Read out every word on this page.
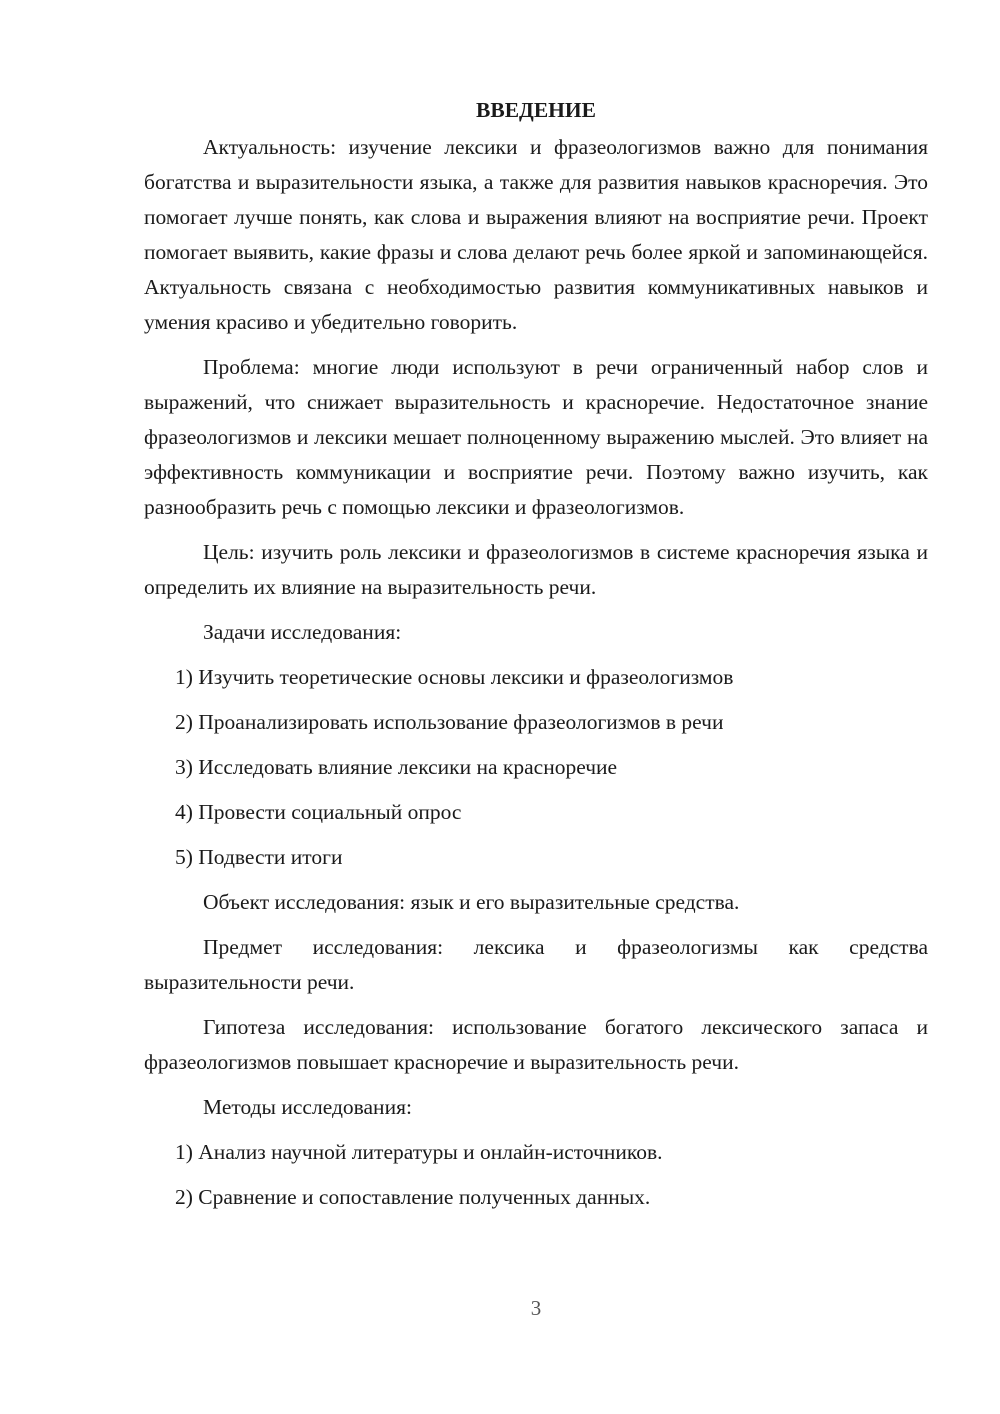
ВВЕДЕНИЕ

Актуальность: изучение лексики и фразеологизмов важно для понимания богатства и выразительности языка, а также для развития навыков красноречия. Это помогает лучше понять, как слова и выражения влияют на восприятие речи. Проект помогает выявить, какие фразы и слова делают речь более яркой и запоминающейся. Актуальность связана с необходимостью развития коммуникативных навыков и умения красиво и убедительно говорить.

Проблема: многие люди используют в речи ограниченный набор слов и выражений, что снижает выразительность и красноречие. Недостаточное знание фразеологизмов и лексики мешает полноценному выражению мыслей. Это влияет на эффективность коммуникации и восприятие речи. Поэтому важно изучить, как разнообразить речь с помощью лексики и фразеологизмов.

Цель: изучить роль лексики и фразеологизмов в системе красноречия языка и определить их влияние на выразительность речи.

Задачи исследования:

1) Изучить теоретические основы лексики и фразеологизмов
2) Проанализировать использование фразеологизмов в речи
3) Исследовать влияние лексики на красноречие
4) Провести социальный опрос
5) Подвести итоги

Объект исследования: язык и его выразительные средства.

Предмет исследования: лексика и фразеологизмы как средства выразительности речи.

Гипотеза исследования: использование богатого лексического запаса и фразеологизмов повышает красноречие и выразительность речи.

Методы исследования:

1) Анализ научной литературы и онлайн-источников.
2) Сравнение и сопоставление полученных данных.
3
